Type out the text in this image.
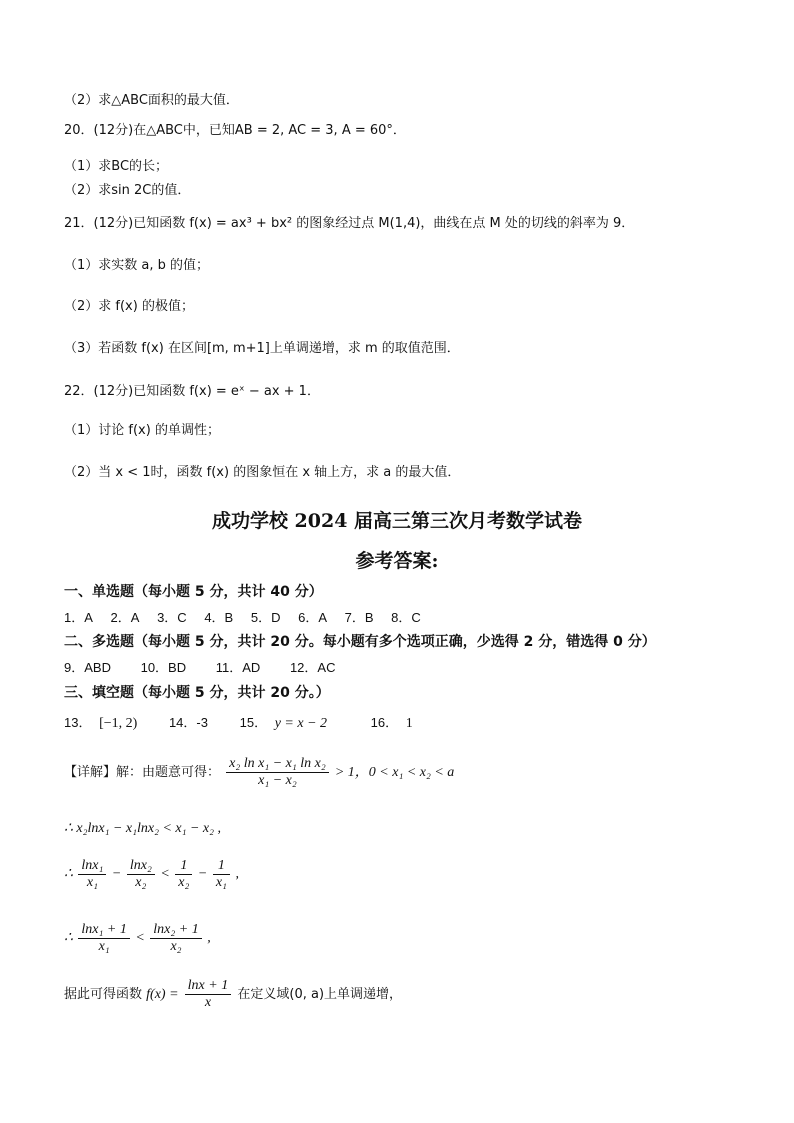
（2）求△ABC面积的最大值．
20．(12分)在△ABC中，已知AB = 2, AC = 3, A = 60°．
（1）求BC的长；
（2）求sin 2C的值．
21．(12分)已知函数 f(x) = ax³ + bx² 的图象经过点 M(1,4)，曲线在点 M 处的切线的斜率为 9．
（1）求实数 a, b 的值；
（2）求 f(x) 的极值；
（3）若函数 f(x) 在区间[m, m+1]上单调递增，求 m 的取值范围．
22．(12分)已知函数 f(x) = eˣ − ax + 1．
（1）讨论 f(x) 的单调性；
（2）当 x < 1时，函数 f(x) 的图象恒在 x 轴上方，求 a 的最大值．
成功学校 2024 届高三第三次月考数学试卷
参考答案:
一、单选题（每小题 5 分，共计 40 分）
1．A 2．A 3．C 4．B 5．D 6．A 7．B 8．C
二、多选题（每小题 5 分，共计 20 分。每小题有多个选项正确，少选得 2 分，错选得 0 分）
9．ABD 10．BD 11．AD 12．AC
三、填空题（每小题 5 分，共计 20 分。）
13． [−1, 2) 14．-3 15． y = x − 2	16． 1
【详解】解：由题意可得： $\frac{\text{x₂ ln x₁ − x₁ ln x₂}}{\text{x₁ − x₂}} > 1$，0 < x₁ < x₂ < a
∴ x₂lnx₁ − x₁lnx₂ < x₁ − x₂ ,
∴ $\frac{\text{lnx₁}}{\text{x₁}} - \frac{\text{lnx₂}}{\text{x₂}} < \frac{1}{\text{x₂}} - \frac{1}{\text{x₁}}$ ,
∴ $\frac{\text{lnx₁ + 1}}{\text{x₁}} < \frac{\text{lnx₂ + 1}}{\text{x₂}}$ ,
据此可得函数 $f(x) = \frac{\ln x + 1}{x}$ 在定义域(0, a)上单调递增，
